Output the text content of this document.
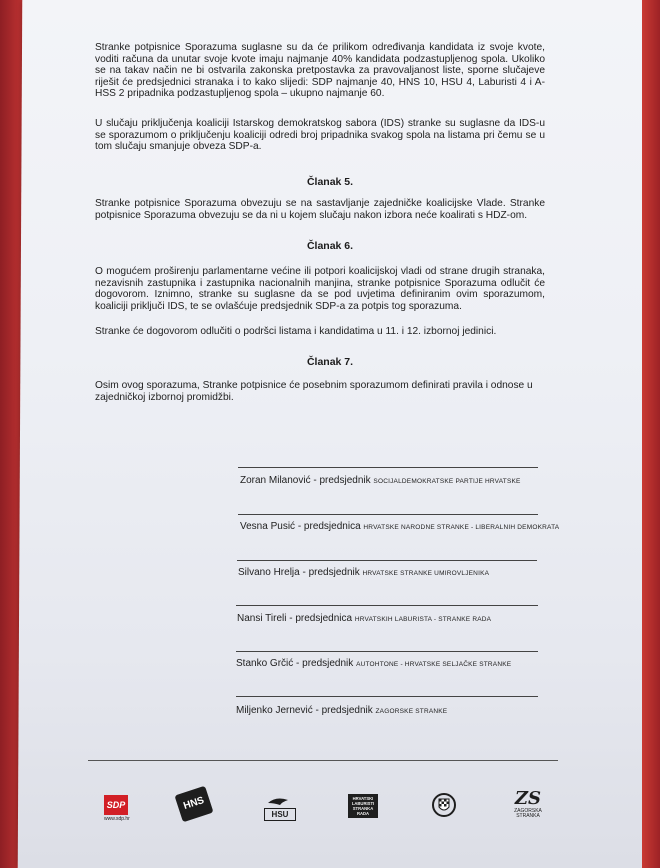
Stranke potpisnice Sporazuma suglasne su da će prilikom određivanja kandidata iz svoje kvote, voditi računa da unutar svoje kvote imaju najmanje 40% kandidata podzastupljenog spola. Ukoliko se na takav način ne bi ostvarila zakonska pretpostavka za pravovaljanost liste, sporne slučajeve riješit će predsjednici stranaka i to kako slijedi: SDP najmanje 40, HNS 10, HSU 4, Laburisti 4 i A-HSS 2 pripadnika podzastupljenog spola – ukupno najmanje 60.
U slučaju priključenja koaliciji Istarskog demokratskog sabora (IDS) stranke su suglasne da IDS-u se sporazumom o priključenju koaliciji odredi broj pripadnika svakog spola na listama pri čemu se u tom slučaju smanjuje obveza SDP-a.
Članak 5.
Stranke potpisnice Sporazuma obvezuju se na sastavljanje zajedničke koalicijske Vlade. Stranke potpisnice Sporazuma obvezuju se da ni u kojem slučaju nakon izbora neće koalirati s HDZ-om.
Članak 6.
O mogućem proširenju parlamentarne većine ili potpori koalicijskoj vladi od strane drugih stranaka, nezavisnih zastupnika i zastupnika nacionalnih manjina, stranke potpisnice Sporazuma odlučit će dogovorom. Iznimno, stranke su suglasne da se pod uvjetima definiranim ovim sporazumom, koaliciji priključi IDS, te se ovlašćuje predsjednik SDP-a za potpis tog sporazuma.
Stranke će dogovorom odlučiti o podršci listama i kandidatima u 11. i 12. izbornoj jedinici.
Članak 7.
Osim ovog sporazuma, Stranke potpisnice će posebnim sporazumom definirati pravila i odnose u zajedničkoj izbornoj promidžbi.
Zoran Milanović - predsjednik SOCIJALDEMOKRATSKE PARTIJE HRVATSKE
Vesna Pusić - predsjednica HRVATSKE NARODNE STRANKE - LIBERALNIH DEMOKRATA
Silvano Hrelja - predsjednik HRVATSKE STRANKE UMIROVLJENIKA
Nansi Tireli - predsjednica HRVATSKIH LABURISTA - STRANKE RADA
Stanko Grčić - predsjednik AUTOHTONE - HRVATSKE SELJAČKE STRANKE
Miljenko Jernević - predsjednik ZAGORSKE STRANKE
SDP
www.sdp.hr
HNS
HSU
HRVATSKI LABURISTI STRANKA RADA
ZS
ZAGORSKA STRANKA
